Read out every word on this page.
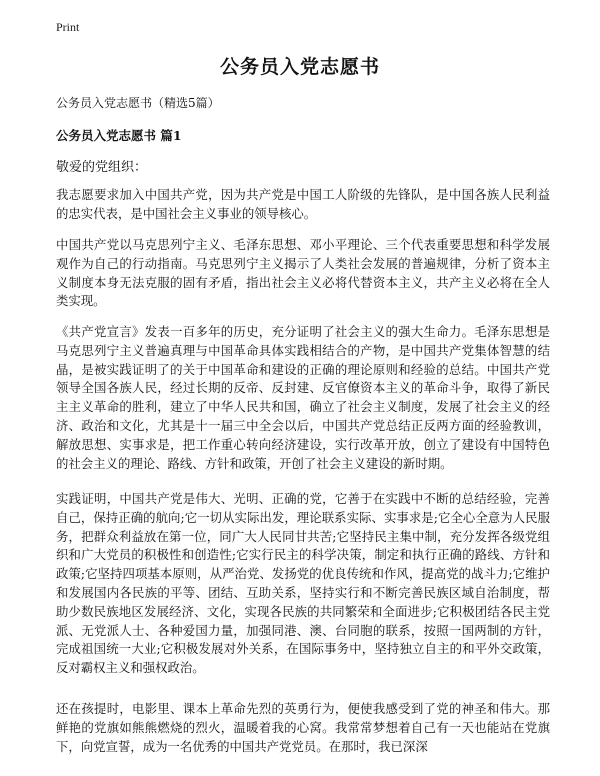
Print
公务员入党志愿书
公务员入党志愿书（精选5篇）
公务员入党志愿书 篇1
敬爱的党组织：
我志愿要求加入中国共产党，因为共产党是中国工人阶级的先锋队，是中国各族人民利益的忠实代表，是中国社会主义事业的领导核心。
中国共产党以马克思列宁主义、毛泽东思想、邓小平理论、三个代表重要思想和科学发展观作为自己的行动指南。马克思列宁主义揭示了人类社会发展的普遍规律，分析了资本主义制度本身无法克服的固有矛盾，指出社会主义必将代替资本主义，共产主义必将在全人类实现。
《共产党宣言》发表一百多年的历史，充分证明了社会主义的强大生命力。毛泽东思想是马克思列宁主义普遍真理与中国革命具体实践相结合的产物，是中国共产党集体智慧的结晶，是被实践证明了的关于中国革命和建设的正确的理论原则和经验的总结。中国共产党领导全国各族人民，经过长期的反帝、反封建、反官僚资本主义的革命斗争，取得了新民主主义革命的胜利，建立了中华人民共和国，确立了社会主义制度，发展了社会主义的经济、政治和文化，尤其是十一届三中全会以后，中国共产党总结正反两方面的经验教训，解放思想、实事求是，把工作重心转向经济建设，实行改革开放，创立了建设有中国特色的社会主义的理论、路线、方针和政策，开创了社会主义建设的新时期。
实践证明，中国共产党是伟大、光明、正确的党，它善于在实践中不断的总结经验，完善自己，保持正确的航向;它一切从实际出发，理论联系实际、实事求是;它全心全意为人民服务，把群众利益放在第一位，同广大人民同甘共苦;它坚持民主集中制，充分发挥各级党组织和广大党员的积极性和创造性;它实行民主的科学决策，制定和执行正确的路线、方针和政策;它坚持四项基本原则，从严治党、发扬党的优良传统和作风，提高党的战斗力;它维护和发展国内各民族的平等、团结、互助关系，坚持实行和不断完善民族区域自治制度，帮助少数民族地区发展经济、文化，实现各民族的共同繁荣和全面进步;它积极团结各民主党派、无党派人士、各种爱国力量，加强同港、澳、台同胞的联系，按照一国两制的方针，完成祖国统一大业;它积极发展对外关系，在国际事务中，坚持独立自主的和平外交政策，反对霸权主义和强权政治。
还在孩提时，电影里、课本上革命先烈的英勇行为，便使我感受到了党的神圣和伟大。那鲜艳的党旗如熊熊燃烧的烈火，温暖着我的心窝。我常常梦想着自己有一天也能站在党旗下，向党宣誓，成为一名优秀的中国共产党党员。在那时，我已深深
